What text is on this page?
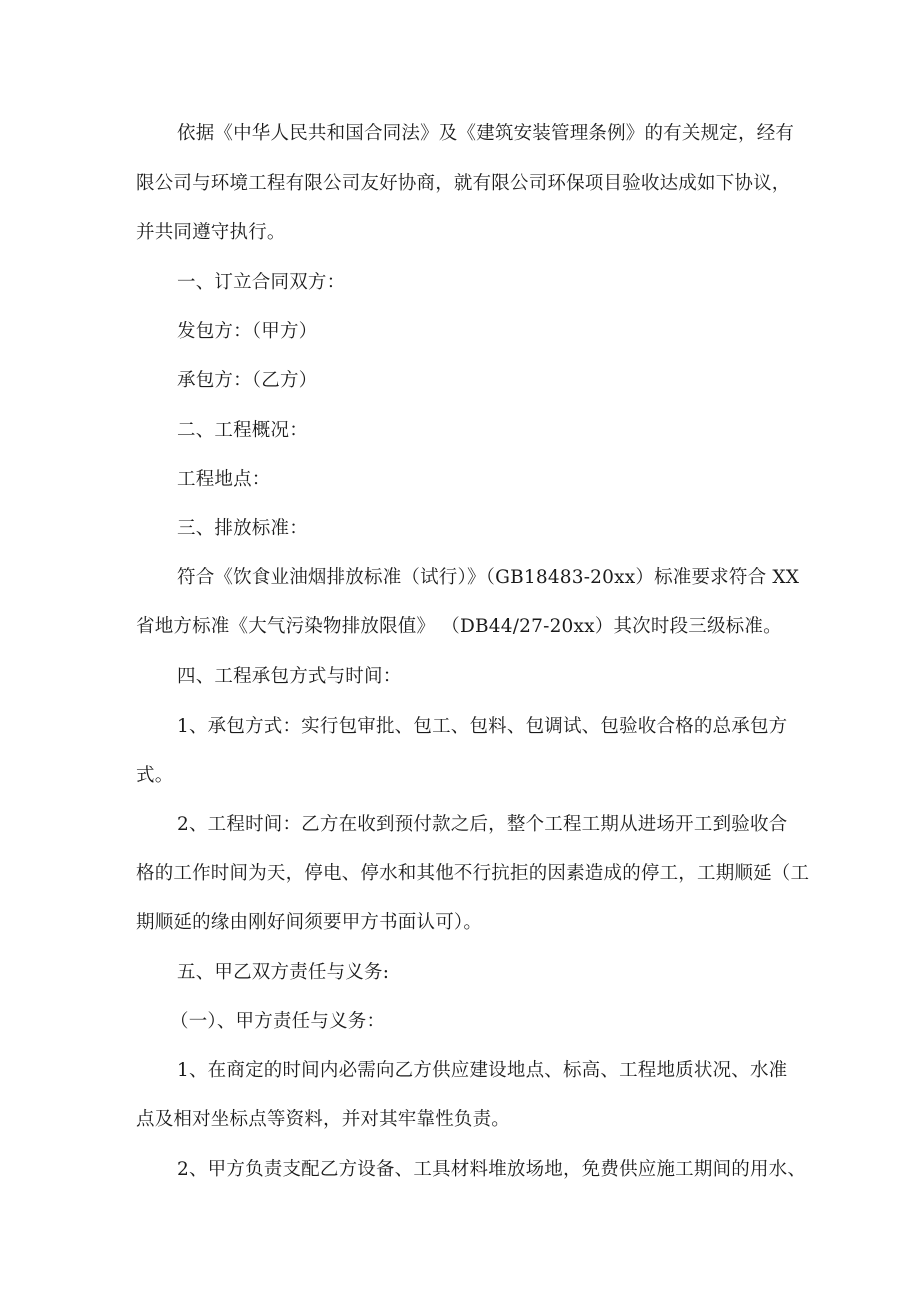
依据《中华人民共和国合同法》及《建筑安装管理条例》的有关规定，经有
限公司与环境工程有限公司友好协商，就有限公司环保项目验收达成如下协议，
并共同遵守执行。
一、订立合同双方：
发包方：（甲方）
承包方：（乙方）
二、工程概况：
工程地点：
三、排放标准：
符合《饮食业油烟排放标准（试行）》（GB18483-20xx）标准要求符合 XX
省地方标准《大气污染物排放限值》 （DB44/27-20xx）其次时段三级标准。
四、工程承包方式与时间：
1、承包方式：实行包审批、包工、包料、包调试、包验收合格的总承包方
式。
2、工程时间：乙方在收到预付款之后，整个工程工期从进场开工到验收合
格的工作时间为天，停电、停水和其他不行抗拒的因素造成的停工，工期顺延（工
期顺延的缘由刚好间须要甲方书面认可）。
五、甲乙双方责任与义务:
（一）、甲方责任与义务：
1、在商定的时间内必需向乙方供应建设地点、标高、工程地质状况、水准
点及相对坐标点等资料，并对其牢靠性负责。
2、甲方负责支配乙方设备、工具材料堆放场地，免费供应施工期间的用水、
